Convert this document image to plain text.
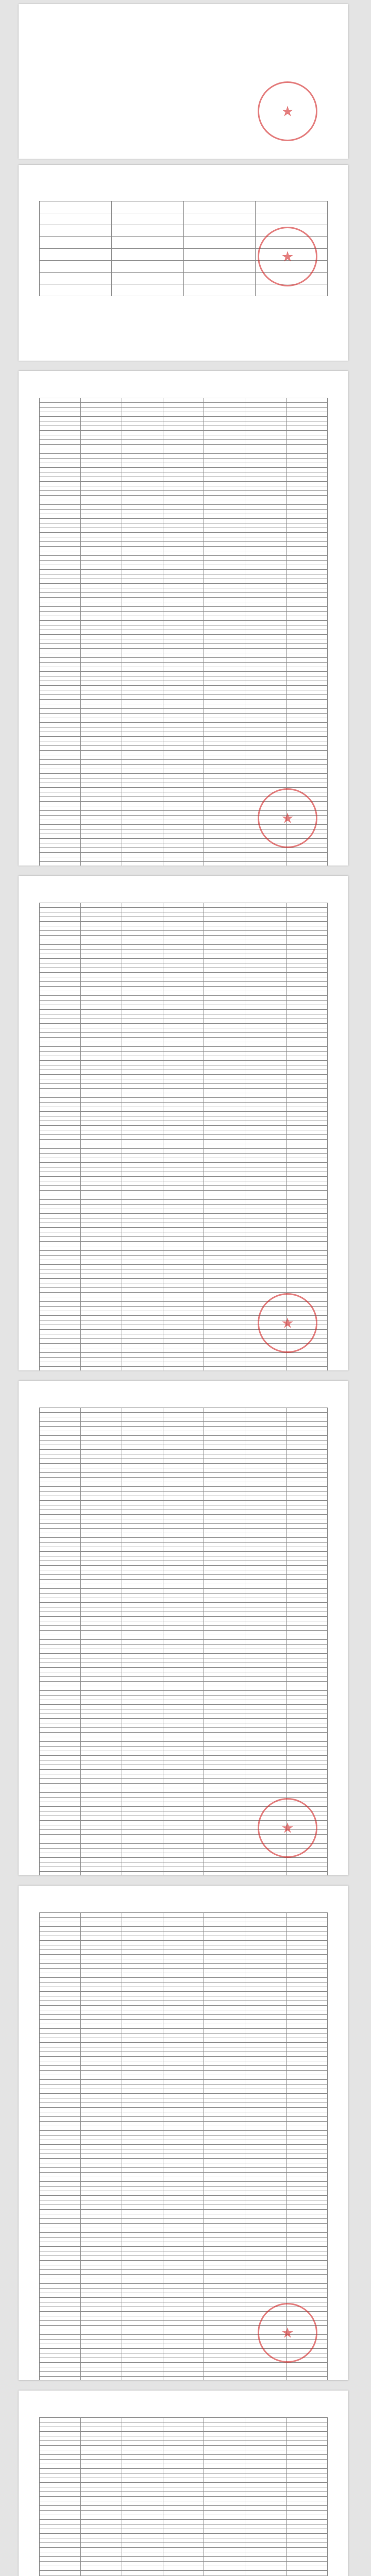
★

★

★

★

★

★
